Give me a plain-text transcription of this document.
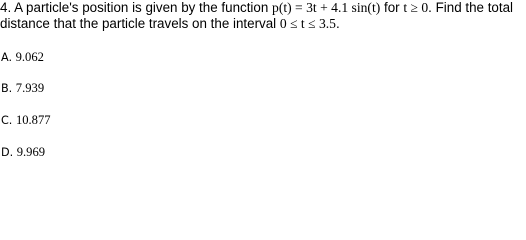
4. A particle's position is given by the function p(t) = 3t + 4.1 sin(t) for t ≥ 0. Find the total
distance that the particle travels on the interval 0 ≤ t ≤ 3.5.
A. 9.062
B. 7.939
C. 10.877
D. 9.969
